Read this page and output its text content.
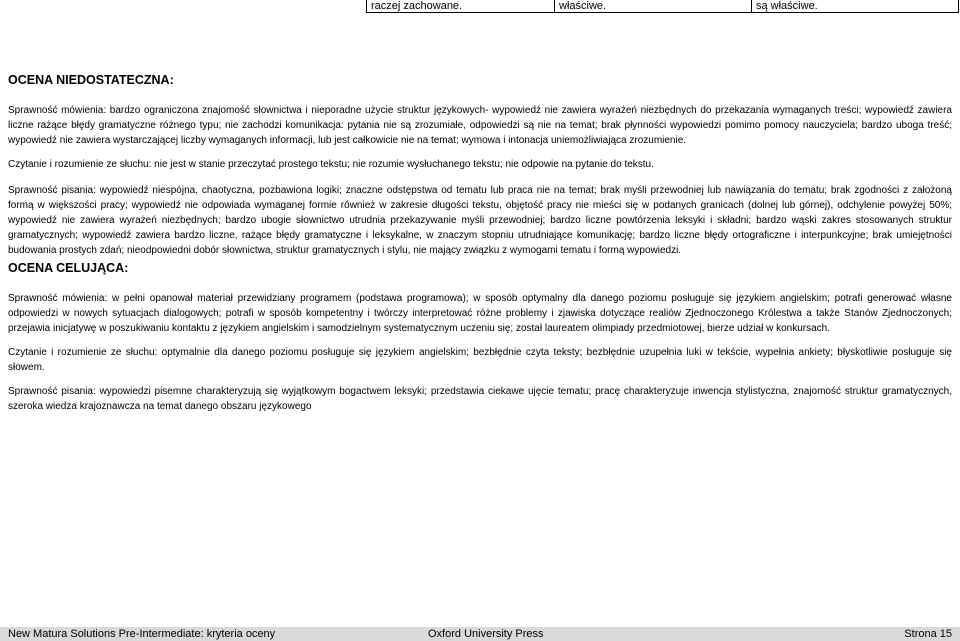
raczej zachowane.	właściwe.	są właściwe.
OCENA NIEDOSTATECZNA:

Sprawność mówienia: bardzo ograniczona znajomość słownictwa i nieporadne użycie struktur językowych- wypowiedź nie zawiera wyrażeń niezbędnych do przekazania wymaganych treści; wypowiedź zawiera liczne rażące błędy gramatyczne różnego typu; nie zachodzi komunikacja: pytania nie są zrozumiałe, odpowiedzi są nie na temat; brak płynności wypowiedzi pomimo pomocy nauczyciela; bardzo uboga treść; wypowiedź nie zawiera wystarczającej liczby wymaganych informacji, lub jest całkowicie nie na temat; wymowa i intonacja uniemożliwiająca zrozumienie.

Czytanie i rozumienie ze słuchu: nie jest w stanie przeczytać prostego tekstu; nie rozumie wysłuchanego tekstu; nie odpowie na pytanie do tekstu.

Sprawność pisania: wypowiedź niespójna, chaotyczna, pozbawiona logiki; znaczne odstępstwa od tematu lub praca nie na temat; brak myśli przewodniej lub nawiązania do tematu; brak zgodności z założoną formą w większości pracy; wypowiedź nie odpowiada wymaganej formie również w zakresie długości tekstu, objętość pracy nie mieści się w podanych granicach (dolnej lub górnej), odchylenie powyżej 50%; wypowiedź nie zawiera wyrażeń niezbędnych; bardzo ubogie słownictwo utrudnia przekazywanie myśli przewodniej; bardzo liczne powtórzenia leksyki i składni; bardzo wąski zakres stosowanych struktur gramatycznych; wypowiedź zawiera bardzo liczne, rażące błędy gramatyczne i leksykalne, w znaczym stopniu utrudniające komunikację; bardzo liczne błędy ortograficzne i interpunkcyjne; brak umiejętności budowania prostych zdań; nieodpowiedni dobór słownictwa, struktur gramatycznych i stylu, nie mający związku z wymogami tematu i formą wypowiedzi.

OCENA CELUJĄCA:

Sprawność mówienia: w pełni opanował materiał przewidziany programem (podstawa programowa); w sposób optymalny dla danego poziomu posługuje się językiem angielskim; potrafi generować własne odpowiedzi w nowych sytuacjach dialogowych; potrafi w sposób kompetentny i twórczy interpretować różne problemy i zjawiska dotyczące realiów Zjednoczonego Królestwa a także Stanów Zjednoczonych; przejawia inicjatywę w poszukiwaniu kontaktu z językiem angielskim i samodzielnym systematycznym uczeniu się; został laureatem olimpiady przedmiotowej, bierze udział w konkursach.

Czytanie i rozumienie ze słuchu: optymalnie dla danego poziomu posługuje się językiem angielskim; bezbłędnie czyta teksty; bezbłędnie uzupełnia luki w tekście, wypełnia ankiety; błyskotliwie posługuje się słowem.

Sprawność pisania: wypowiedzi pisemne charakteryzują się wyjątkowym bogactwem leksyki; przedstawia ciekawe ujęcie tematu; pracę charakteryzuje inwencja stylistyczna, znajomość struktur gramatycznych, szeroka wiedza krajoznawcza na temat danego obszaru językowego

New Matura Solutions Pre-Intermediate: kryteria oceny	Oxford University Press	Strona 15
